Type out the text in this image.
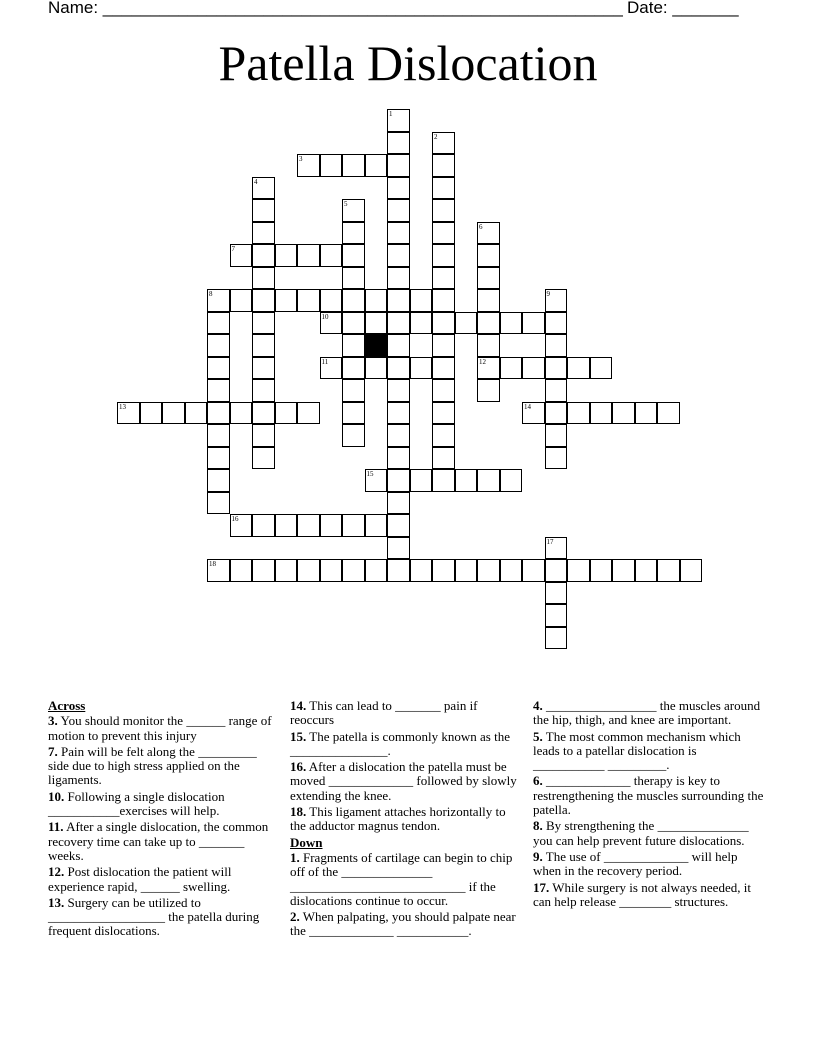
Name: _______________________________________________________ Date: _______
Patella Dislocation
1
2
3
4
5
6
12
7
8	9
10
11
13	14
15
16
17
18
Across
3. You should monitor the ______ range of motion to prevent this injury
7. Pain will be felt along the _________ side due to high stress applied on the ligaments.
10. Following a single dislocation ___________exercises will help.
11. After a single dislocation, the common recovery time can take up to _______ weeks.
12. Post dislocation the patient will experience rapid, ______ swelling.
13. Surgery can be utilized to __________________ the patella during frequent dislocations.
14. This can lead to _______ pain if reoccurs
15. The patella is commonly known as the _______________.
16. After a dislocation the patella must be moved _____________ followed by slowly extending the knee.
18. This ligament attaches horizontally to the adductor magnus tendon.
Down
1. Fragments of cartilage can begin to chip off of the ______________ ___________________________ if the dislocations continue to occur.
2. When palpating, you should palpate near the _____________ ___________.
4. _________________ the muscles around the hip, thigh, and knee are important.
5. The most common mechanism which leads to a patellar dislocation is ___________ _________.
6. _____________ therapy is key to restrengthening the muscles surrounding the patella.
8. By strengthening the ______________ you can help prevent future dislocations.
9. The use of _____________ will help when in the recovery period.
17. While surgery is not always needed, it can help release ________ structures.
